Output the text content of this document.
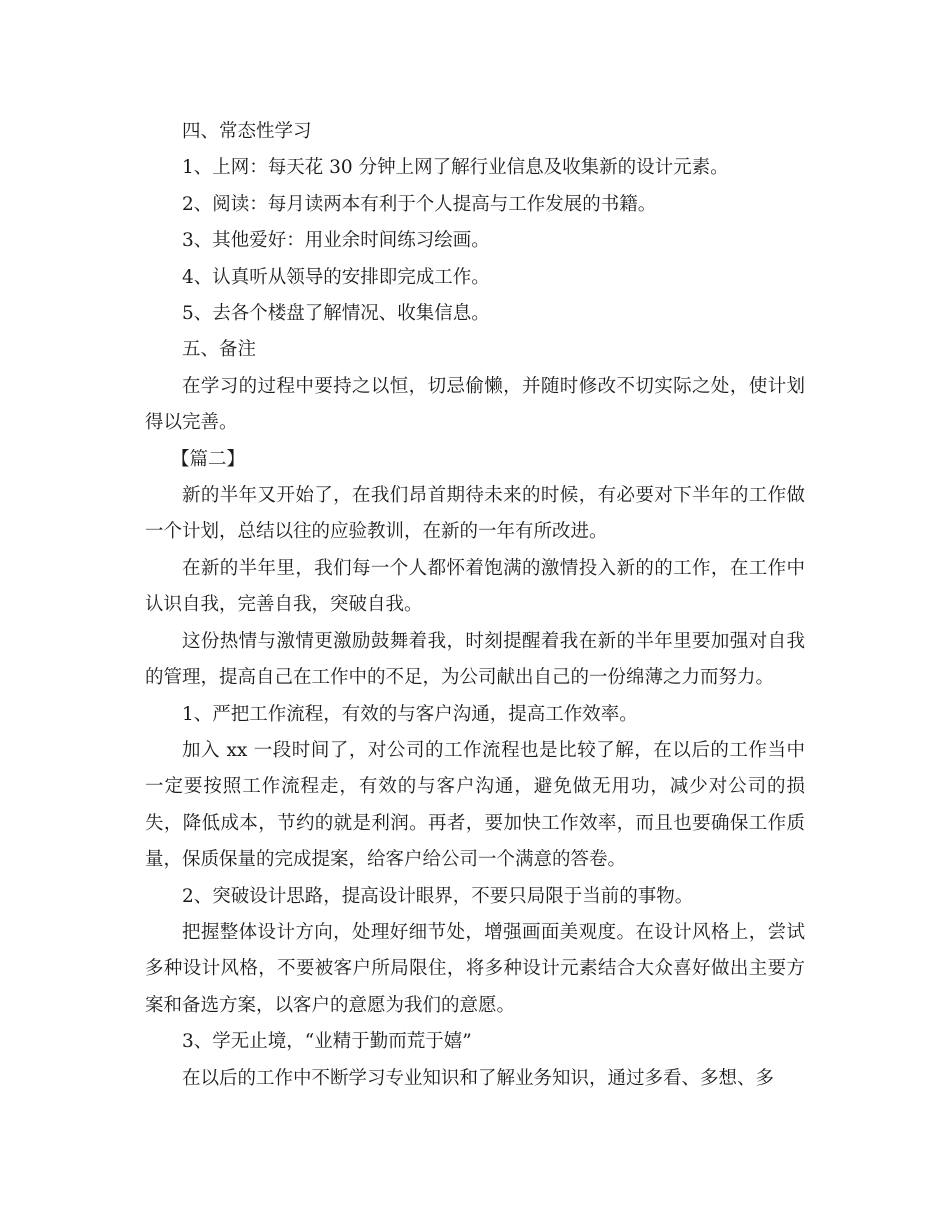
四、常态性学习

1、上网：每天花 30 分钟上网了解行业信息及收集新的设计元素。

2、阅读：每月读两本有利于个人提高与工作发展的书籍。

3、其他爱好：用业余时间练习绘画。

4、认真听从领导的安排即完成工作。

5、去各个楼盘了解情况、收集信息。

五、备注

在学习的过程中要持之以恒，切忌偷懒，并随时修改不切实际之处，使计划得以完善。

【篇二】

新的半年又开始了，在我们昂首期待未来的时候，有必要对下半年的工作做一个计划，总结以往的应验教训，在新的一年有所改进。

在新的半年里，我们每一个人都怀着饱满的激情投入新的的工作，在工作中认识自我，完善自我，突破自我。

这份热情与激情更激励鼓舞着我，时刻提醒着我在新的半年里要加强对自我的管理，提高自己在工作中的不足，为公司献出自己的一份绵薄之力而努力。

1、严把工作流程，有效的与客户沟通，提高工作效率。

加入 xx 一段时间了，对公司的工作流程也是比较了解，在以后的工作当中一定要按照工作流程走，有效的与客户沟通，避免做无用功，减少对公司的损失，降低成本，节约的就是利润。再者，要加快工作效率，而且也要确保工作质量，保质保量的完成提案，给客户给公司一个满意的答卷。

2、突破设计思路，提高设计眼界，不要只局限于当前的事物。

把握整体设计方向，处理好细节处，增强画面美观度。在设计风格上，尝试多种设计风格，不要被客户所局限住，将多种设计元素结合大众喜好做出主要方案和备选方案，以客户的意愿为我们的意愿。

3、学无止境，“业精于勤而荒于嬉”

在以后的工作中不断学习专业知识和了解业务知识，通过多看、多想、多
